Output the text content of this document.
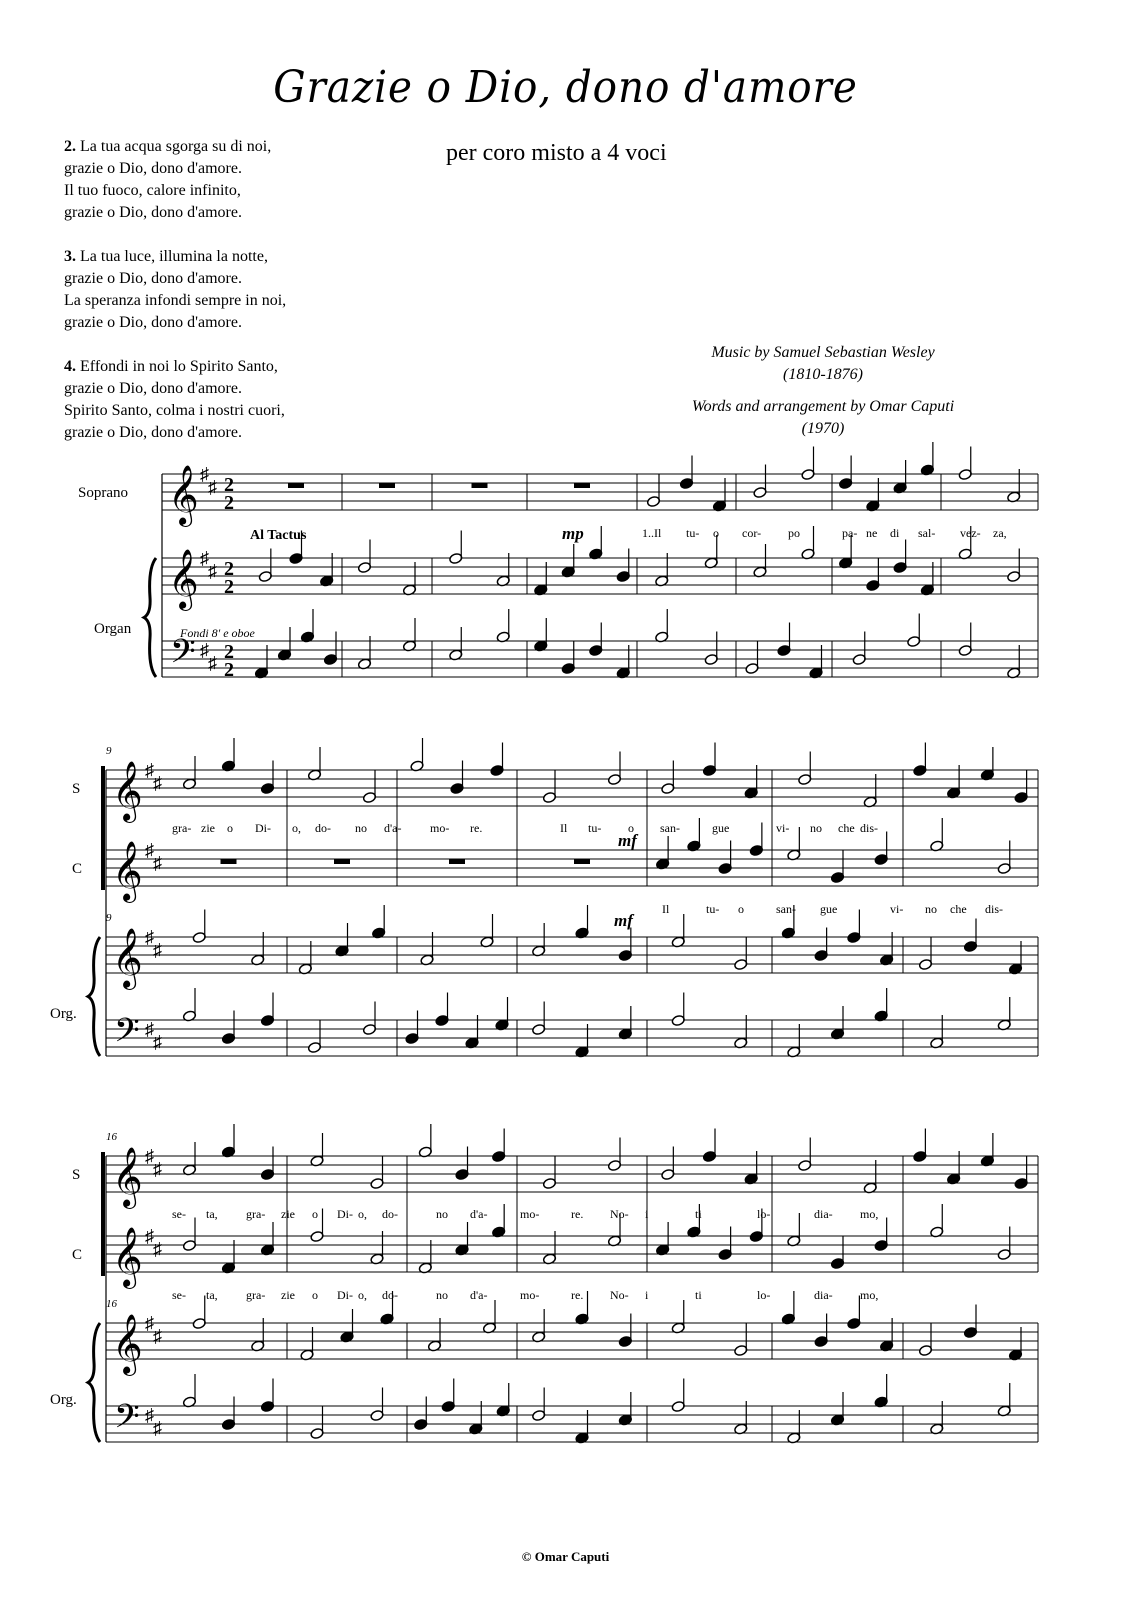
Grazie o Dio, dono d'amore
per coro misto a 4 voci
2. La tua acqua sgorga su di noi,
grazie o Dio, dono d'amore.
Il tuo fuoco, calore infinito,
grazie o Dio, dono d'amore.
3. La tua luce, illumina la notte,
grazie o Dio, dono d'amore.
La speranza infondi sempre in noi,
grazie o Dio, dono d'amore.
4. Effondi in noi lo Spirito Santo,
grazie o Dio, dono d'amore.
Spirito Santo, colma i nostri cuori,
grazie o Dio, dono d'amore.
Music by Samuel Sebastian Wesley
(1810-1876)
Words and arrangement by Omar Caputi
(1970)
Soprano
Organ
𝄞 ♯
♯ 2
2
𝄞 ♯
♯ 2
2
𝄢 ♯
♯ 2
2
Al Tactus	mp
Fondi 8' e oboe
1..Il tu- o cor- po	pa- ne di sal- vez- za,
S
C
Org.
9
9
𝄞 ♯
♯
𝄞 ♯
♯
𝄞 ♯
♯
𝄢 ♯
♯
gra- zie o Di- o, do- no d'a- mo- re.	Il tu- o san-	gue	vi- no che dis-
Il	tu- o	san- gue	vi- no che dis-
mf
mf
S
C
Org.
16
16
𝄞 ♯
♯
𝄞 ♯
♯
𝄞 ♯
♯
𝄢 ♯
♯
se- ta, gra- zie o Di- o, do-	no d'a-	mo-	re. No- i	ti	lo-	dia- mo,
se- ta, gra- zie o Di- o, do-	no d'a-	mo-	re. No- i	ti	lo-	dia- mo,
© Omar Caputi
